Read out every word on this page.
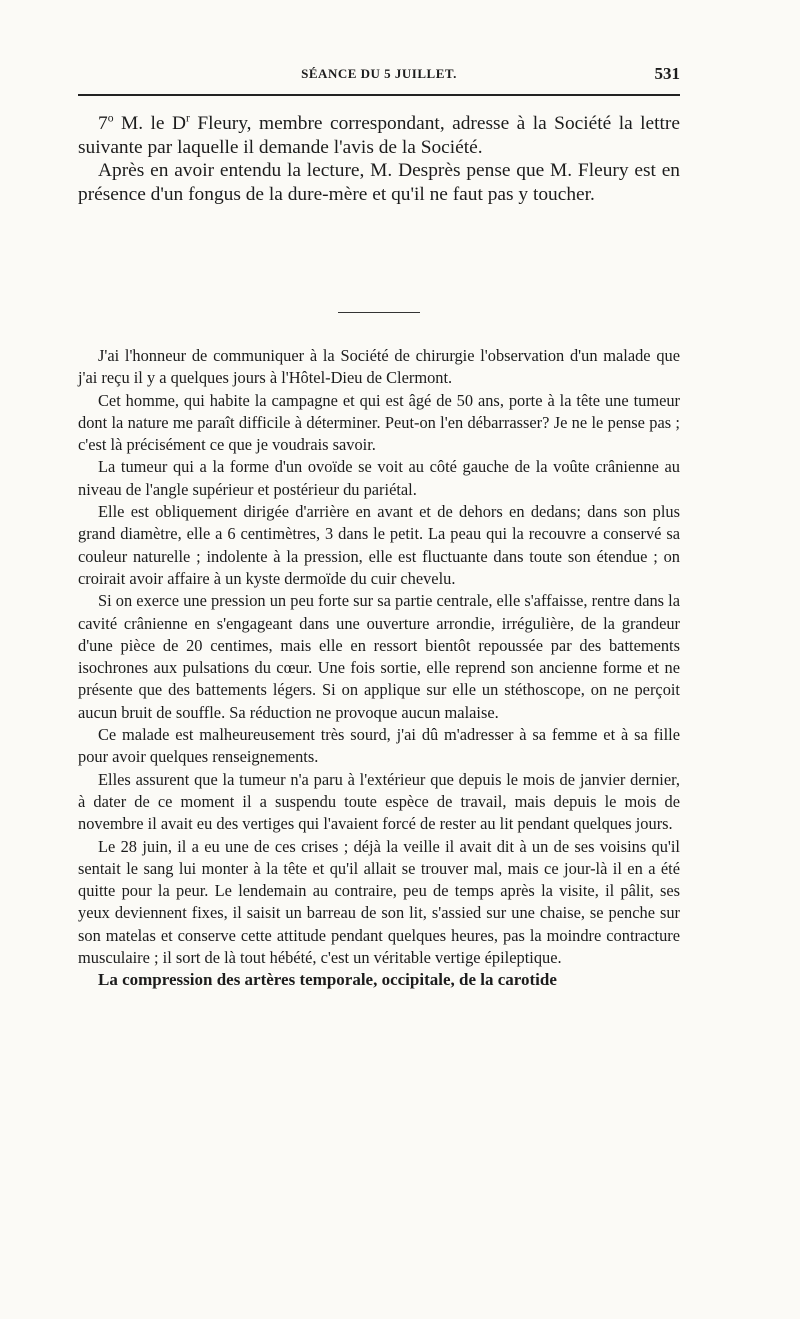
SÉANCE DU 5 JUILLET.	531

7$^o$ M. le $D^r$ Fleury, membre correspondant, adresse à la Société la lettre suivante par laquelle il demande l'avis de la Société.

Après en avoir entendu la lecture, M. Desprès pense que M. Fleury est en présence d'un fongus de la dure-mère et qu'il ne faut pas y toucher.

J'ai l'honneur de communiquer à la Société de chirurgie l'observation d'un malade que j'ai reçu il y a quelques jours à l'Hôtel-Dieu de Clermont.

Cet homme, qui habite la campagne et qui est âgé de 50 ans, porte à la tête une tumeur dont la nature me paraît difficile à déterminer. Peut-on l'en débarrasser? Je ne le pense pas ; c'est là précisément ce que je voudrais savoir.

La tumeur qui a la forme d'un ovoïde se voit au côté gauche de la voûte crânienne au niveau de l'angle supérieur et postérieur du pariétal.

Elle est obliquement dirigée d'arrière en avant et de dehors en dedans; dans son plus grand diamètre, elle a 6 centimètres, 3 dans le petit. La peau qui la recouvre a conservé sa couleur naturelle ; indolente à la pression, elle est fluctuante dans toute son étendue ; on croirait avoir affaire à un kyste dermoïde du cuir chevelu.

Si on exerce une pression un peu forte sur sa partie centrale, elle s'affaisse, rentre dans la cavité crânienne en s'engageant dans une ouverture arrondie, irrégulière, de la grandeur d'une pièce de 20 centimes, mais elle en ressort bientôt repoussée par des battements isochrones aux pulsations du cœur. Une fois sortie, elle reprend son ancienne forme et ne présente que des battements légers. Si on applique sur elle un stéthoscope, on ne perçoit aucun bruit de souffle. Sa réduction ne provoque aucun malaise.

Ce malade est malheureusement très sourd, j'ai dû m'adresser à sa femme et à sa fille pour avoir quelques renseignements.

Elles assurent que la tumeur n'a paru à l'extérieur que depuis le mois de janvier dernier, à dater de ce moment il a suspendu toute espèce de travail, mais depuis le mois de novembre il avait eu des vertiges qui l'avaient forcé de rester au lit pendant quelques jours.

Le 28 juin, il a eu une de ces crises ; déjà la veille il avait dit à un de ses voisins qu'il sentait le sang lui monter à la tête et qu'il allait se trouver mal, mais ce jour-là il en a été quitte pour la peur. Le lendemain au contraire, peu de temps après la visite, il pâlit, ses yeux deviennent fixes, il saisit un barreau de son lit, s'assied sur une chaise, se penche sur son matelas et conserve cette attitude pendant quelques heures, pas la moindre contracture musculaire ; il sort de là tout hébété, c'est un véritable vertige épileptique.

La compression des artères temporale, occipitale, de la carotide
